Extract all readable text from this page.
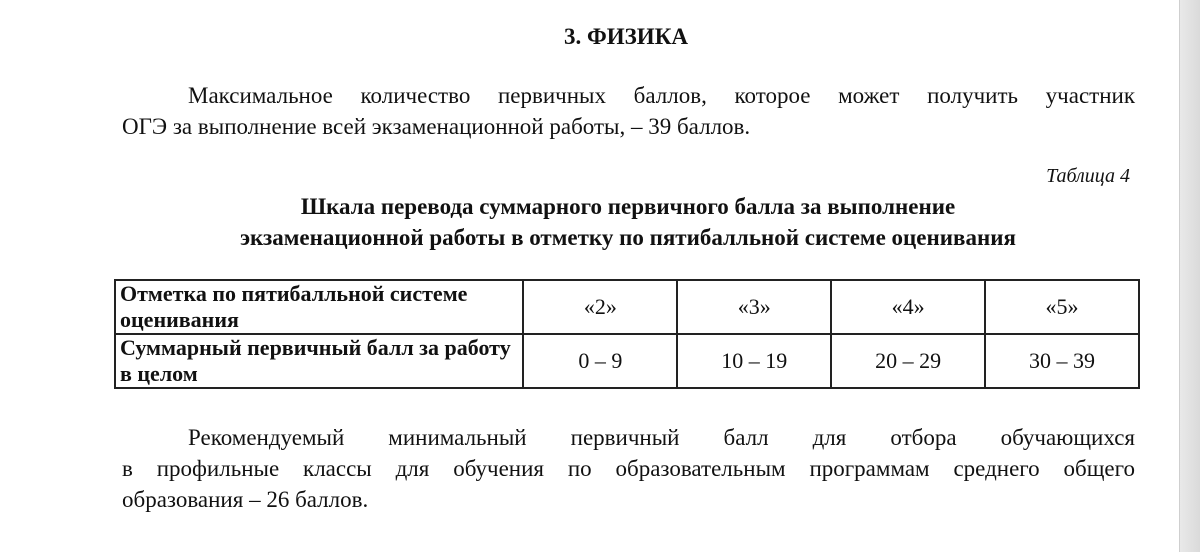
3. ФИЗИКА
Максимальное количество первичных баллов, которое может получить участник
ОГЭ за выполнение всей экзаменационной работы, – 39 баллов.
Таблица 4
Шкала перевода суммарного первичного балла за выполнение
экзаменационной работы в отметку по пятибалльной системе оценивания
Отметка по пятибалльной системе оценивания	«2»	«3»	«4»	«5»
Суммарный первичный балл за работу в целом	0 – 9	10 – 19	20 – 29	30 – 39
Рекомендуемый минимальный первичный балл для отбора обучающихся
в профильные классы для обучения по образовательным программам среднего общего
образования – 26 баллов.
